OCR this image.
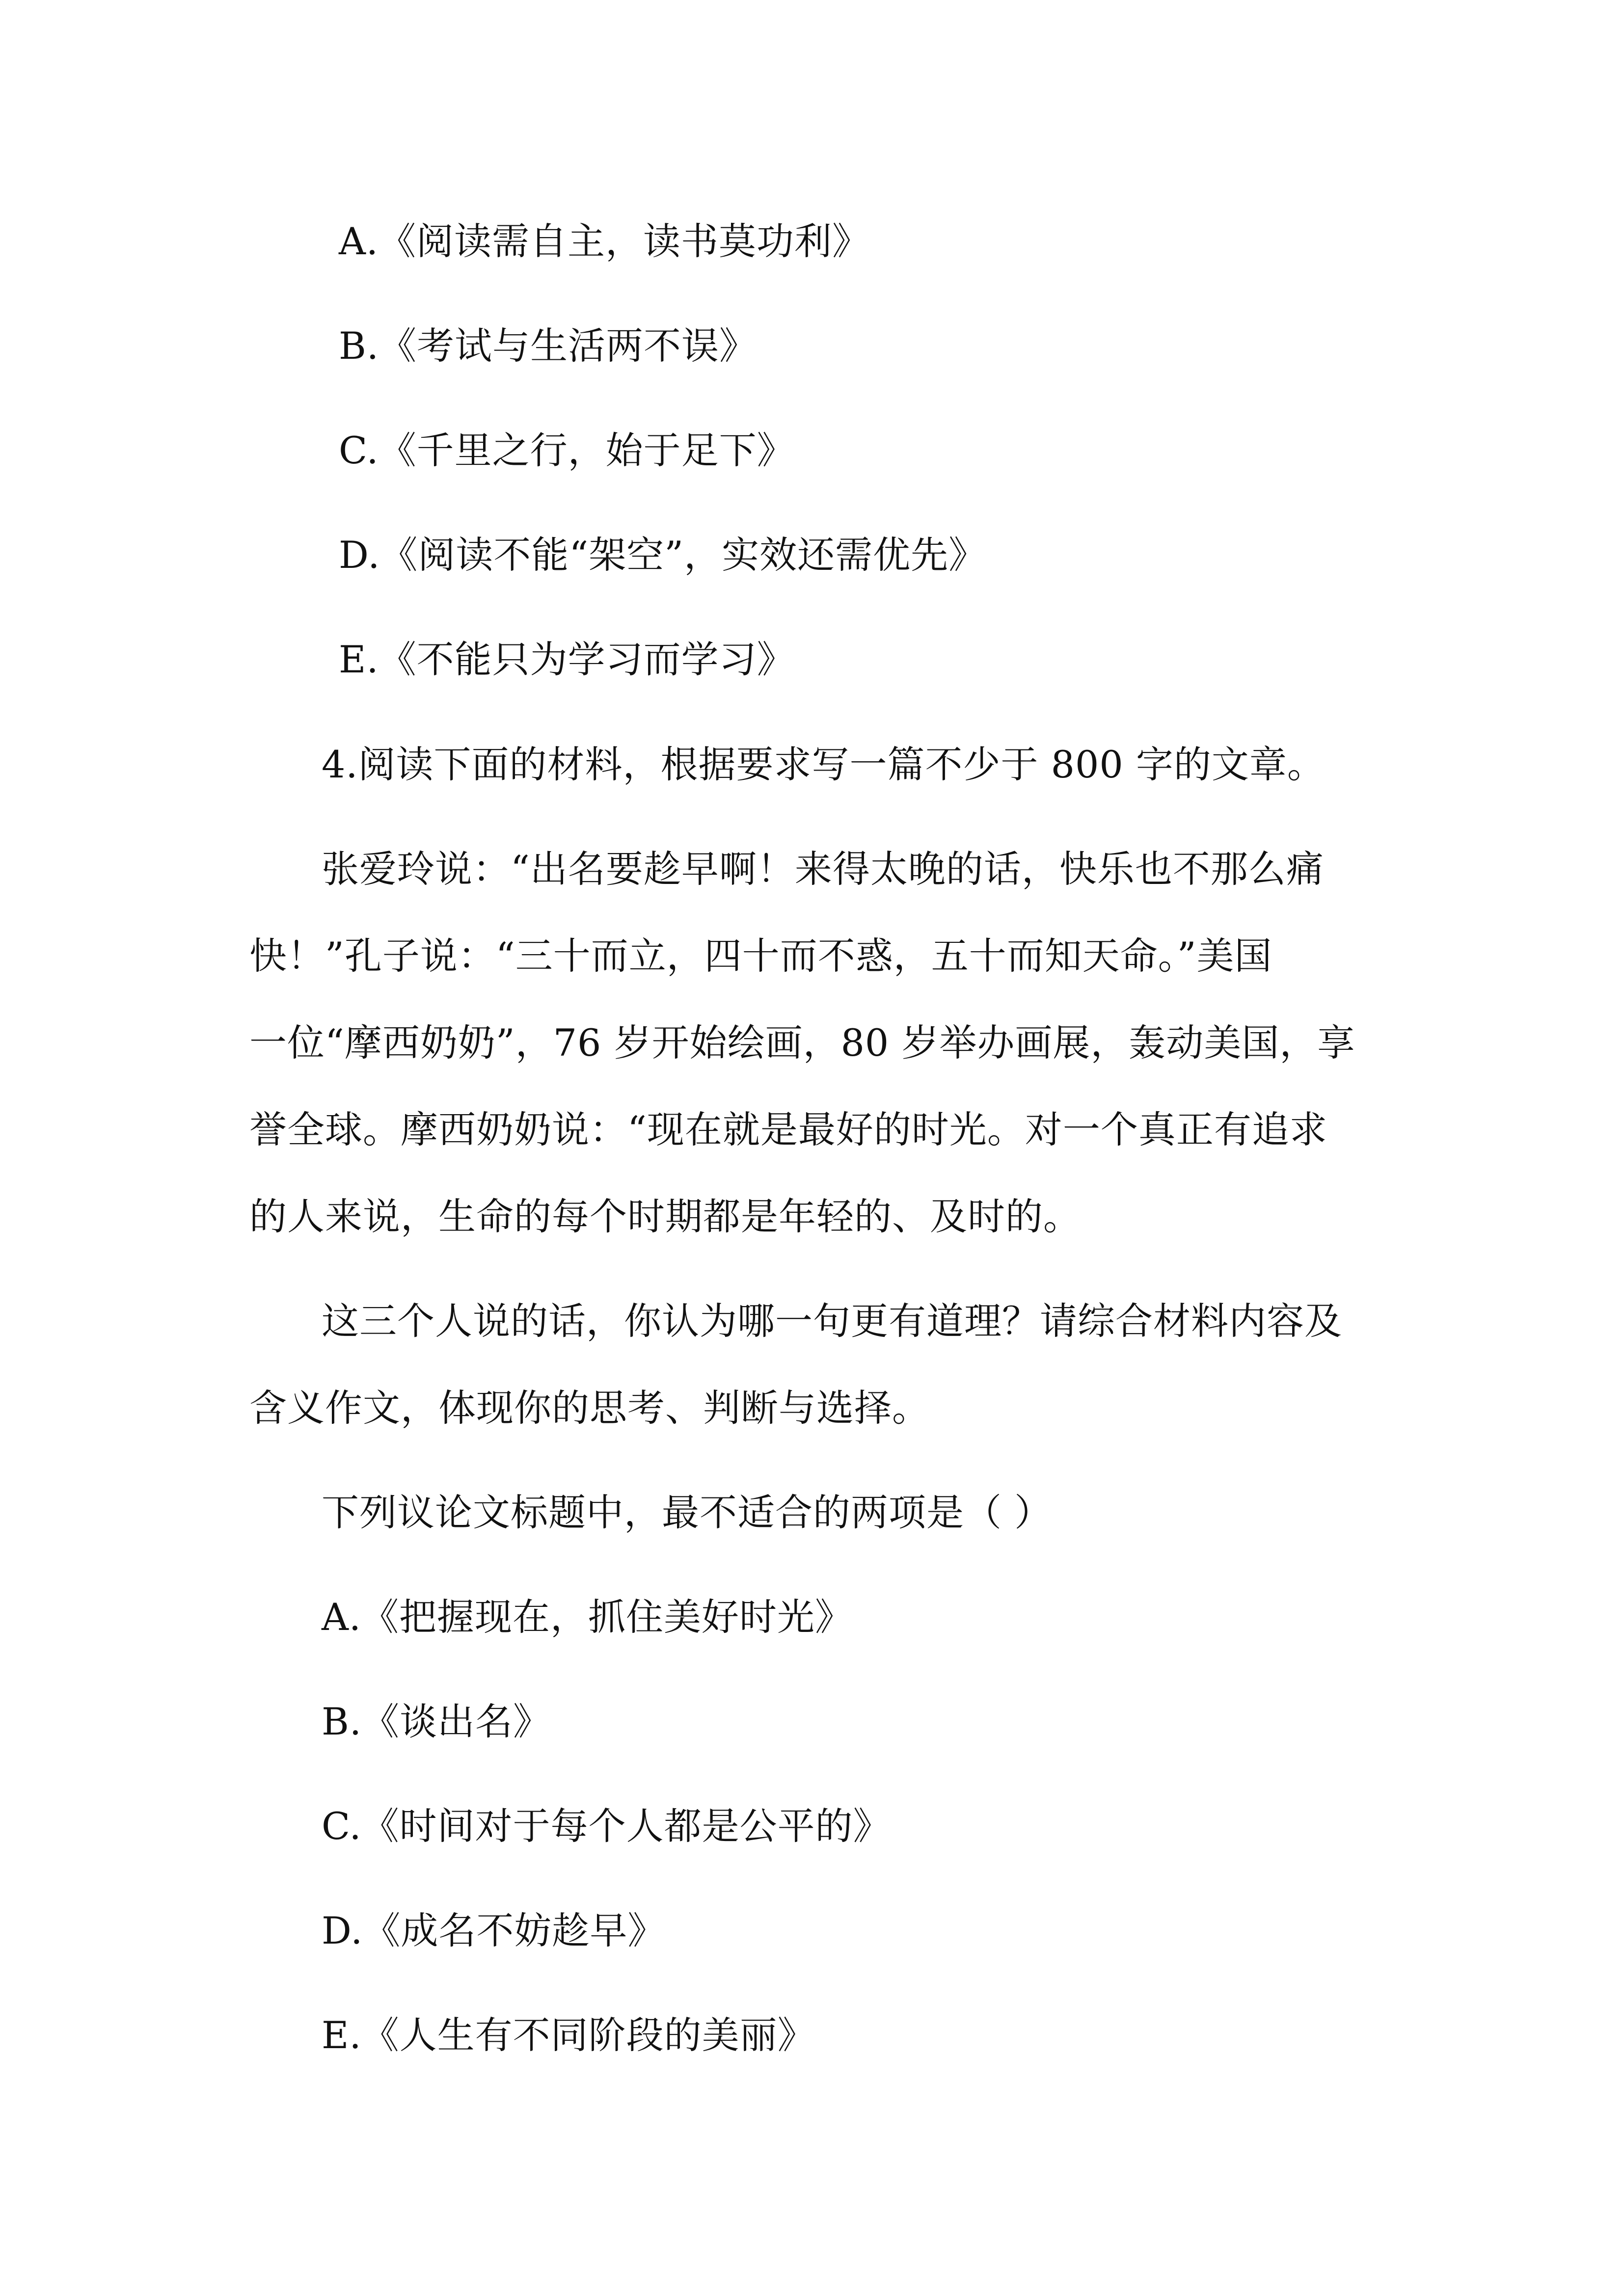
A.《阅读需自主，读书莫功利》
B.《考试与生活两不误》
C.《千里之行，始于足下》
D.《阅读不能“架空”，实效还需优先》
E.《不能只为学习而学习》
4.阅读下面的材料，根据要求写一篇不少于 800 字的文章。
张爱玲说：“出名要趁早啊！来得太晚的话，快乐也不那么痛
快！”孔子说：“三十而立，四十而不惑，五十而知天命。”美国
一位“摩西奶奶”，76 岁开始绘画，80 岁举办画展，轰动美国，享
誉全球。摩西奶奶说：“现在就是最好的时光。对一个真正有追求
的人来说，生命的每个时期都是年轻的、及时的。
这三个人说的话，你认为哪一句更有道理？请综合材料内容及
含义作文，体现你的思考、判断与选择。
下列议论文标题中，最不适合的两项是（ ）
A.《把握现在，抓住美好时光》
B.《谈出名》
C.《时间对于每个人都是公平的》
D.《成名不妨趁早》
E.《人生有不同阶段的美丽》
